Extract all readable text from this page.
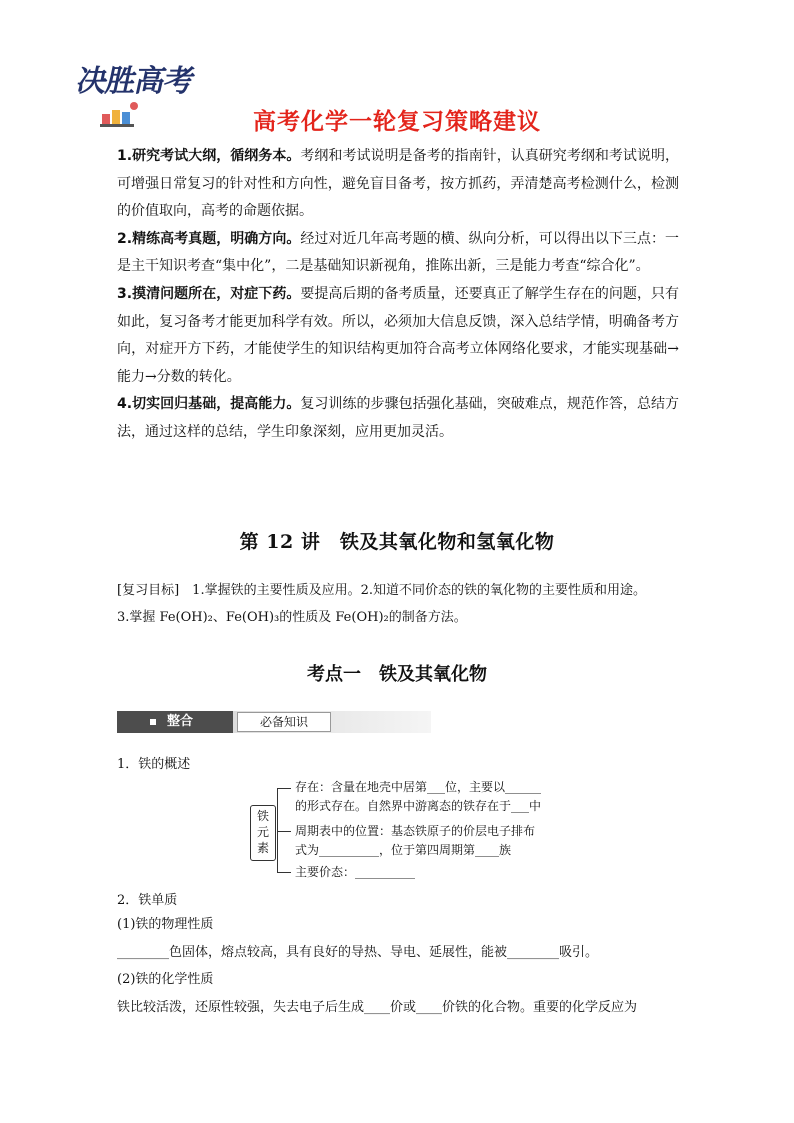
决胜高考
高考化学一轮复习策略建议

1.研究考试大纲，循纲务本。考纲和考试说明是备考的指南针，认真研究考纲和考试说明，可增强日常复习的针对性和方向性，避免盲目备考，按方抓药，弄清楚高考检测什么，检测的价值取向，高考的命题依据。

2.精练高考真题，明确方向。经过对近几年高考题的横、纵向分析，可以得出以下三点：一是主干知识考查“集中化”，二是基础知识新视角，推陈出新，三是能力考查“综合化”。

3.摸清问题所在，对症下药。要提高后期的备考质量，还要真正了解学生存在的问题，只有如此，复习备考才能更加科学有效。所以，必须加大信息反馈，深入总结学情，明确备考方向，对症开方下药，才能使学生的知识结构更加符合高考立体网络化要求，才能实现基础→能力→分数的转化。

4.切实回归基础，提高能力。复习训练的步骤包括强化基础，突破难点，规范作答，总结方法，通过这样的总结，学生印象深刻，应用更加灵活。

第 12 讲　铁及其氧化物和氢氧化物
[复习目标]　 1.掌握铁的主要性质及应用。2.知道不同价态的铁的氧化物的主要性质和用途。
3.掌握 Fe(OH)₂、Fe(OH)₃的性质及 Fe(OH)₂的制备方法。
考点一　铁及其氧化物
整合	必备知识

1．铁的概述

铁元素
存在：含量在地壳中居第___位，主要以______
的形式存在。自然界中游离态的铁存在于___中
周期表中的位置：基态铁原子的价层电子排布
式为__________，位于第四周期第____族
主要价态：__________

2．铁单质

(1)铁的物理性质

________色固体，熔点较高，具有良好的导热、导电、延展性，能被________吸引。

(2)铁的化学性质

铁比较活泼，还原性较强，失去电子后生成____价或____价铁的化合物。重要的化学反应为
